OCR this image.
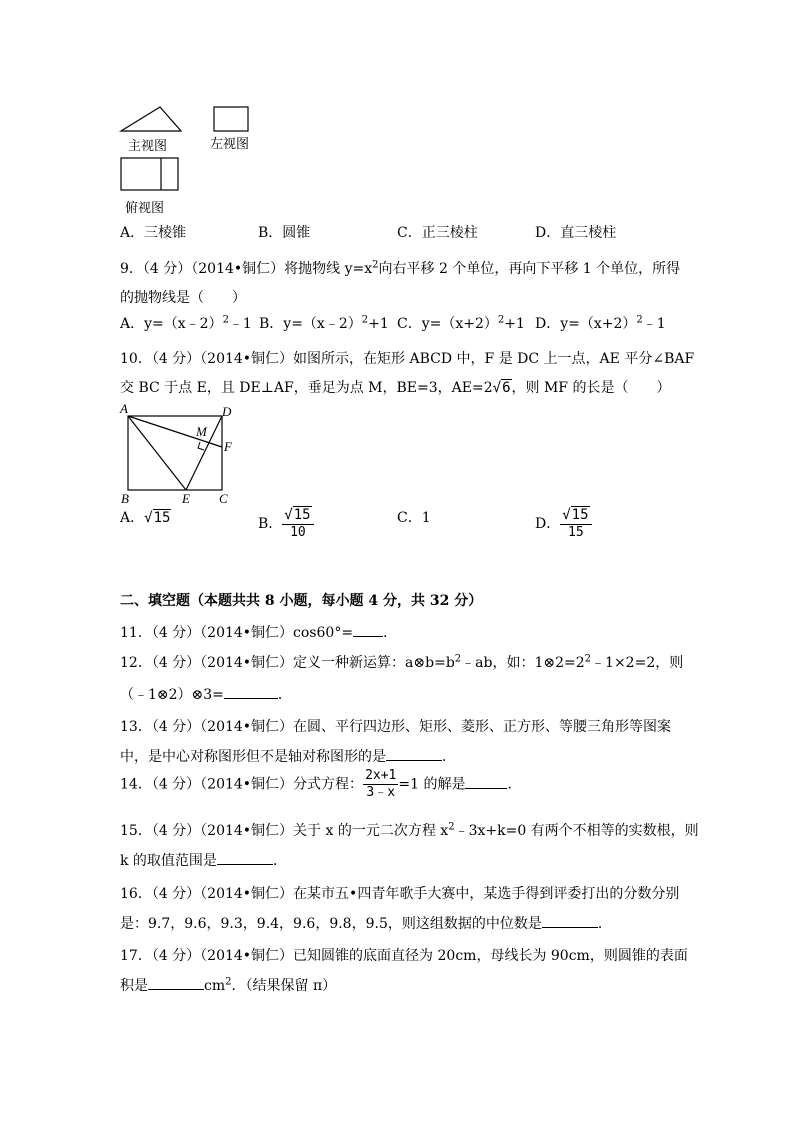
主视图	左视图
俯视图
A．三棱锥	B．圆锥	C．正三棱柱	D．直三棱柱
9．（4 分）（2014•铜仁）将抛物线 $y=x^2$向右平移 2 个单位，再向下平移 1 个单位，所得
的抛物线是（　　）
A．y=（x﹣2）$^2$﹣1 B．y=（x﹣2）$^2$+1 C．$y=(x+2)^2+1$ D．$y=(x+2)^2﹣1$
10．（4 分）（2014•铜仁）如图所示，在矩形 ABCD 中，F 是 DC 上一点，AE 平分∠BAF
交 BC 于点 E，且 DE⊥AF，垂足为点 M，BE=3，AE=2√6，则 MF 的长是（　　）
A	D
M
F
B	E C
A．√15	B． $\frac{√15}{10}$	C．1	D． $\frac{√15}{15}$
二、填空题（本题共共 8 小题，每小题 4 分，共 32 分）
11．（4 分）（2014•铜仁）cos60°= ．
12．（4 分）（2014•铜仁）定义一种新运算：$a\otimes b=b^2﹣ab$，如：$1\otimes 2=2^2﹣1\times 2=2$，则
（﹣1⊗2）⊗3=	．
13．（4 分）（2014•铜仁）在圆、平行四边形、矩形、菱形、正方形、等腰三角形等图案
中，是中心对称图形但不是轴对称图形的是	．
14．（4 分）（2014•铜仁）分式方程： $\frac{2x+1}{3﹣x} =1$ 的解是	．
15．（4 分）（2014•铜仁）关于 x 的一元二次方程 $x^2﹣3x+k=0$ 有两个不相等的实数根，则
k 的取值范围是	．
16．（4 分）（2014•铜仁）在某市五•四青年歌手大赛中，某选手得到评委打出的分数分别
是：9.7，9.6，9.3，9.4，9.6，9.8，9.5，则这组数据的中位数是	．
17．（4 分）（2014•铜仁）已知圆锥的底面直径为 20cm，母线长为 90cm，则圆锥的表面
积是	$cm^2$．（结果保留 π）
